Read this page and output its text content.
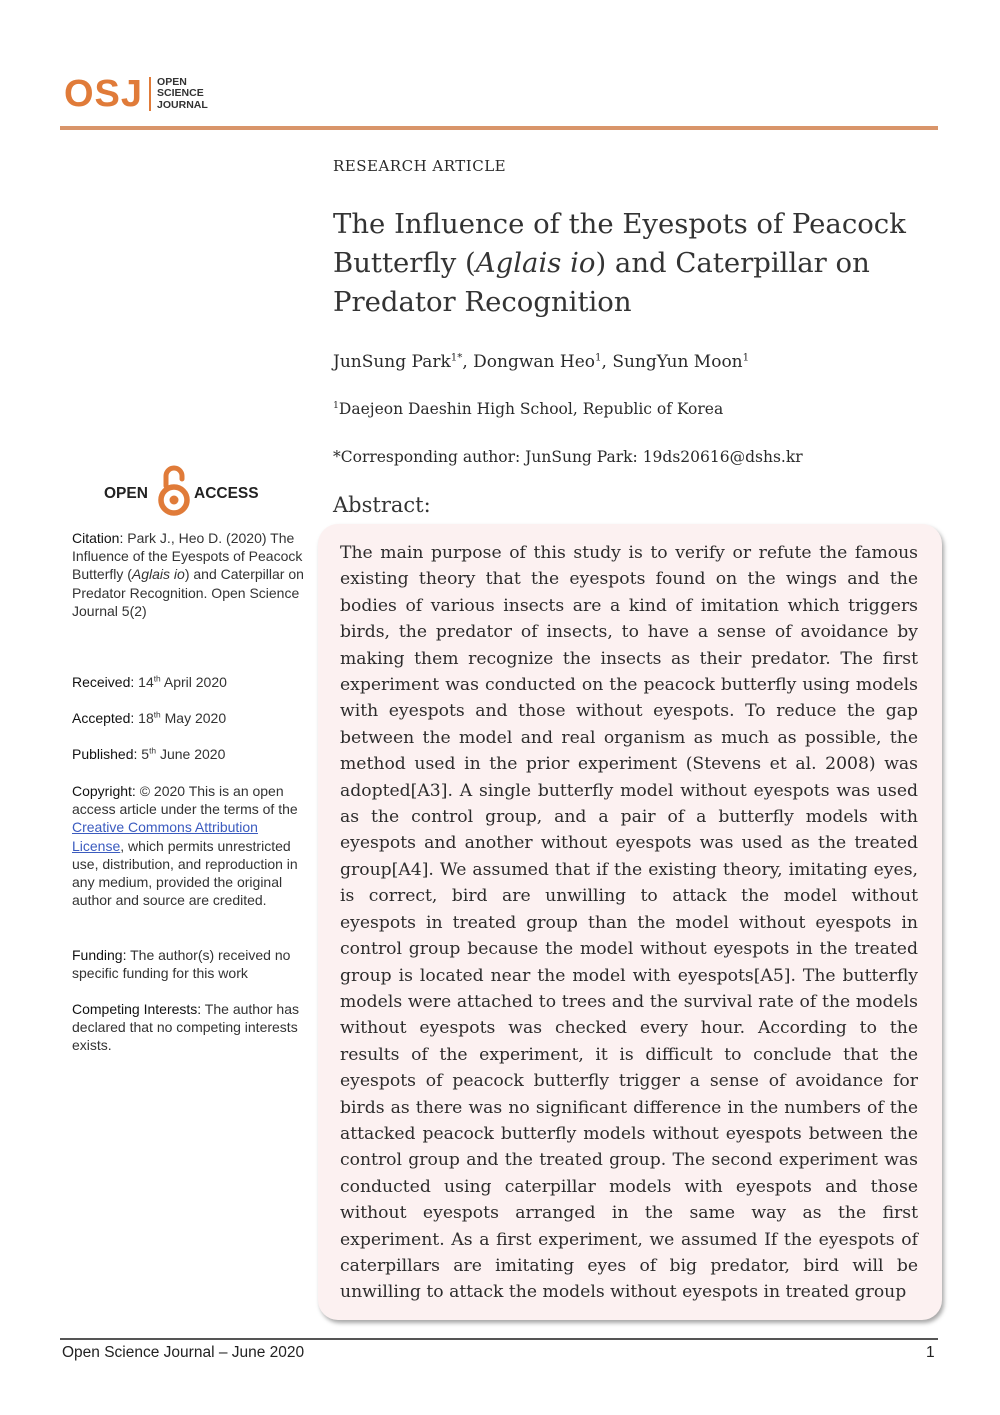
OSJ OPEN
SCIENCE
JOURNAL
RESEARCH ARTICLE
The Influence of the Eyespots of Peacock Butterfly (Aglais io) and Caterpillar on Predator Recognition
JunSung Park$^{1*}$, Dongwan Heo$^1$, SungYun Moon$^1$
$^1$Daejeon Daeshin High School, Republic of Korea
*Corresponding author: JunSung Park: 19ds20616@dshs.kr
Abstract:

The main purpose of this study is to verify or refute the famous existing theory that the eyespots found on the wings and the bodies of various insects are a kind of imitation which triggers birds, the predator of insects, to have a sense of avoidance by making them recognize the insects as their predator. The first experiment was conducted on the peacock butterfly using models with eyespots and those without eyespots. To reduce the gap between the model and real organism as much as possible, the method used in the prior experiment (Stevens et al. 2008) was adopted[A3]. A single butterfly model without eyespots was used as the control group, and a pair of a butterfly models with eyespots and another without eyespots was used as the treated group[A4]. We assumed that if the existing theory, imitating eyes, is correct, bird are unwilling to attack the model without eyespots in treated group than the model without eyespots in control group because the model without eyespots in the treated group is located near the model with eyespots[A5]. The butterfly models were attached to trees and the survival rate of the models without eyespots was checked every hour. According to the results of the experiment, it is difficult to conclude that the eyespots of peacock butterfly trigger a sense of avoidance for birds as there was no significant difference in the numbers of the attacked peacock butterfly models without eyespots between the control group and the treated group. The second experiment was conducted using caterpillar models with eyespots and those without eyespots arranged in the same way as the first experiment. As a first experiment, we assumed If the eyespots of caterpillars are imitating eyes of big predator, bird will be unwilling to attack the models without eyespots in treated group

OPEN	ACCESS
Citation: Park J., Heo D. (2020) The Influence of the Eyespots of Peacock Butterfly (Aglais io) and Caterpillar on Predator Recognition. Open Science Journal 5(2)
Received: 14th April 2020
Accepted: 18th May 2020
Published: 5th June 2020
Copyright: © 2020 This is an open access article under the terms of the Creative Commons Attribution License, which permits unrestricted use, distribution, and reproduction in any medium, provided the original author and source are credited.
Funding: The author(s) received no specific funding for this work
Competing Interests: The author has declared that no competing interests exists.
Open Science Journal – June 2020	1
